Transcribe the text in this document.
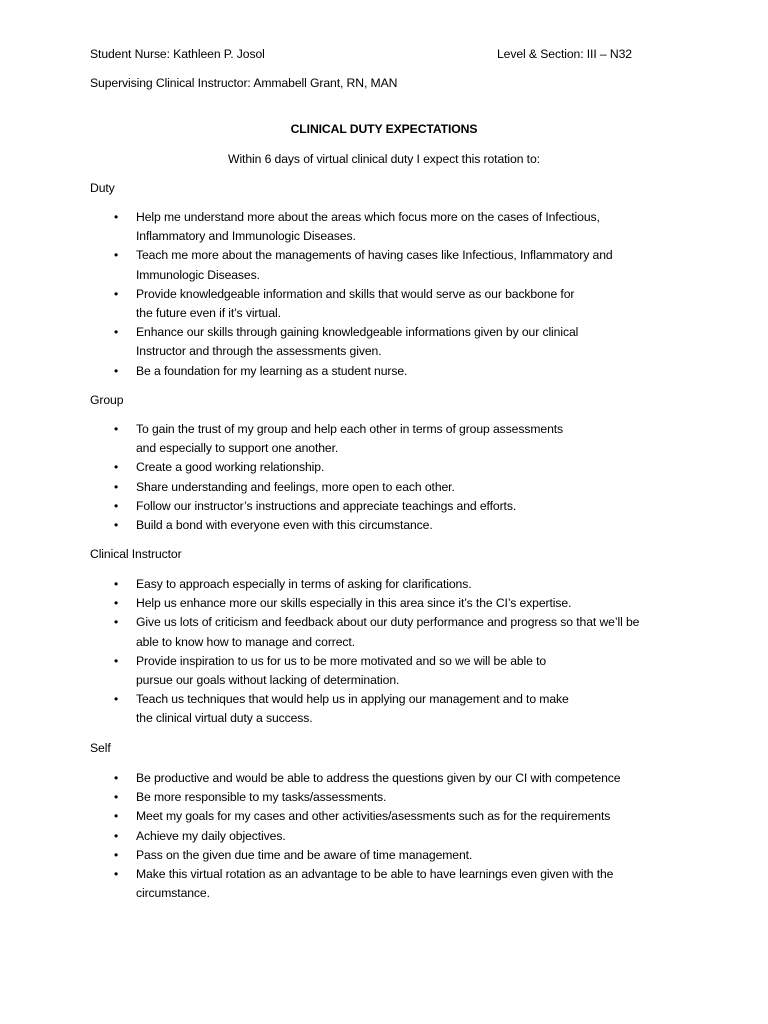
Student Nurse: Kathleen P. Josol	Level & Section: III – N32
Supervising Clinical Instructor: Ammabell Grant, RN, MAN
CLINICAL DUTY EXPECTATIONS
Within 6 days of virtual clinical duty I expect this rotation to:
Duty
• Help me understand more about the areas which focus more on the cases of Infectious,
Inflammatory and Immunologic Diseases.
• Teach me more about the managements of having cases like Infectious, Inflammatory and
Immunologic Diseases.
• Provide knowledgeable information and skills that would serve as our backbone for
the future even if it’s virtual.
• Enhance our skills through gaining knowledgeable informations given by our clinical
Instructor and through the assessments given.
• Be a foundation for my learning as a student nurse.
Group
• To gain the trust of my group and help each other in terms of group assessments
and especially to support one another.
• Create a good working relationship.
• Share understanding and feelings, more open to each other.
• Follow our instructor’s instructions and appreciate teachings and efforts.
• Build a bond with everyone even with this circumstance.
Clinical Instructor
• Easy to approach especially in terms of asking for clarifications.
• Help us enhance more our skills especially in this area since it’s the CI’s expertise.
• Give us lots of criticism and feedback about our duty performance and progress so that we’ll be
able to know how to manage and correct.
• Provide inspiration to us for us to be more motivated and so we will be able to
pursue our goals without lacking of determination.
• Teach us techniques that would help us in applying our management and to make
the clinical virtual duty a success.
Self
• Be productive and would be able to address the questions given by our CI with competence
• Be more responsible to my tasks/assessments.
• Meet my goals for my cases and other activities/asessments such as for the requirements
• Achieve my daily objectives.
• Pass on the given due time and be aware of time management.
• Make this virtual rotation as an advantage to be able to have learnings even given with the
circumstance.
